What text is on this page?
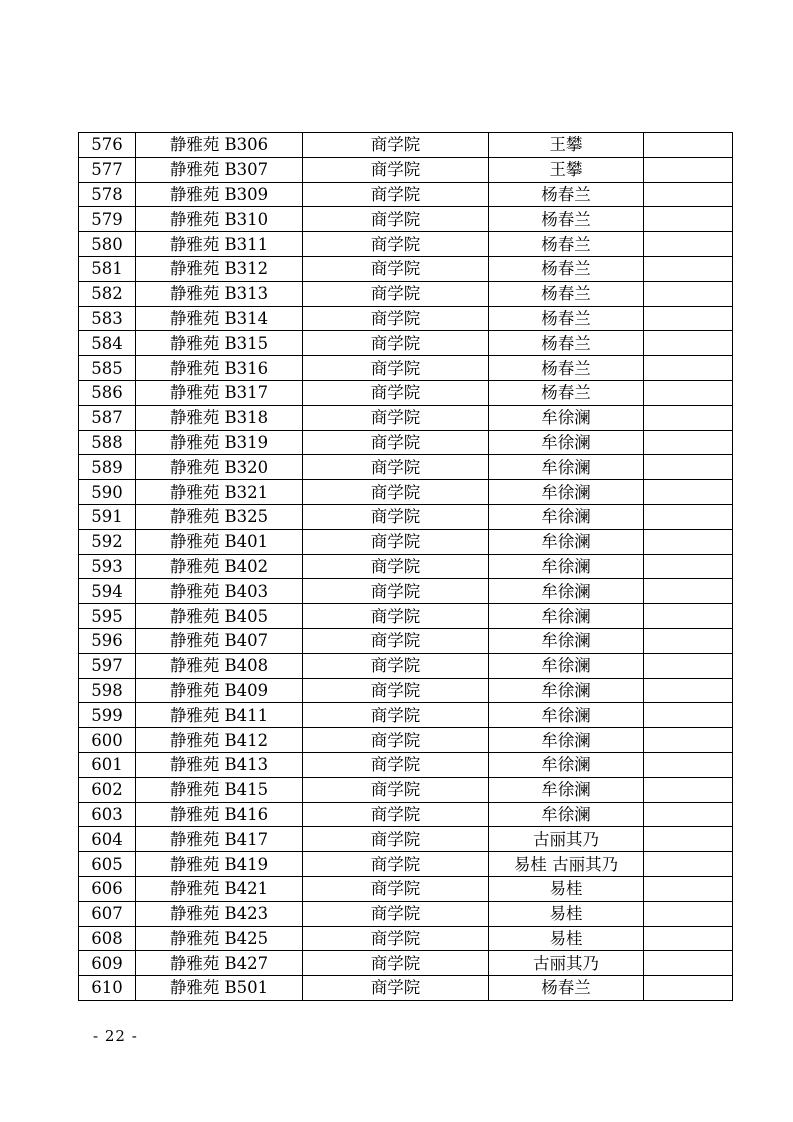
576	静雅苑 B306	商学院	王攀	
577	静雅苑 B307	商学院	王攀	
578	静雅苑 B309	商学院	杨春兰	
579	静雅苑 B310	商学院	杨春兰	
580	静雅苑 B311	商学院	杨春兰	
581	静雅苑 B312	商学院	杨春兰	
582	静雅苑 B313	商学院	杨春兰	
583	静雅苑 B314	商学院	杨春兰	
584	静雅苑 B315	商学院	杨春兰	
585	静雅苑 B316	商学院	杨春兰	
586	静雅苑 B317	商学院	杨春兰	
587	静雅苑 B318	商学院	牟徐澜	
588	静雅苑 B319	商学院	牟徐澜	
589	静雅苑 B320	商学院	牟徐澜	
590	静雅苑 B321	商学院	牟徐澜	
591	静雅苑 B325	商学院	牟徐澜	
592	静雅苑 B401	商学院	牟徐澜	
593	静雅苑 B402	商学院	牟徐澜	
594	静雅苑 B403	商学院	牟徐澜	
595	静雅苑 B405	商学院	牟徐澜	
596	静雅苑 B407	商学院	牟徐澜	
597	静雅苑 B408	商学院	牟徐澜	
598	静雅苑 B409	商学院	牟徐澜	
599	静雅苑 B411	商学院	牟徐澜	
600	静雅苑 B412	商学院	牟徐澜	
601	静雅苑 B413	商学院	牟徐澜	
602	静雅苑 B415	商学院	牟徐澜	
603	静雅苑 B416	商学院	牟徐澜	
604	静雅苑 B417	商学院	古丽其乃	
605	静雅苑 B419	商学院	易桂 古丽其乃	
606	静雅苑 B421	商学院	易桂	
607	静雅苑 B423	商学院	易桂	
608	静雅苑 B425	商学院	易桂	
609	静雅苑 B427	商学院	古丽其乃	
610	静雅苑 B501	商学院	杨春兰	
- 22 -
